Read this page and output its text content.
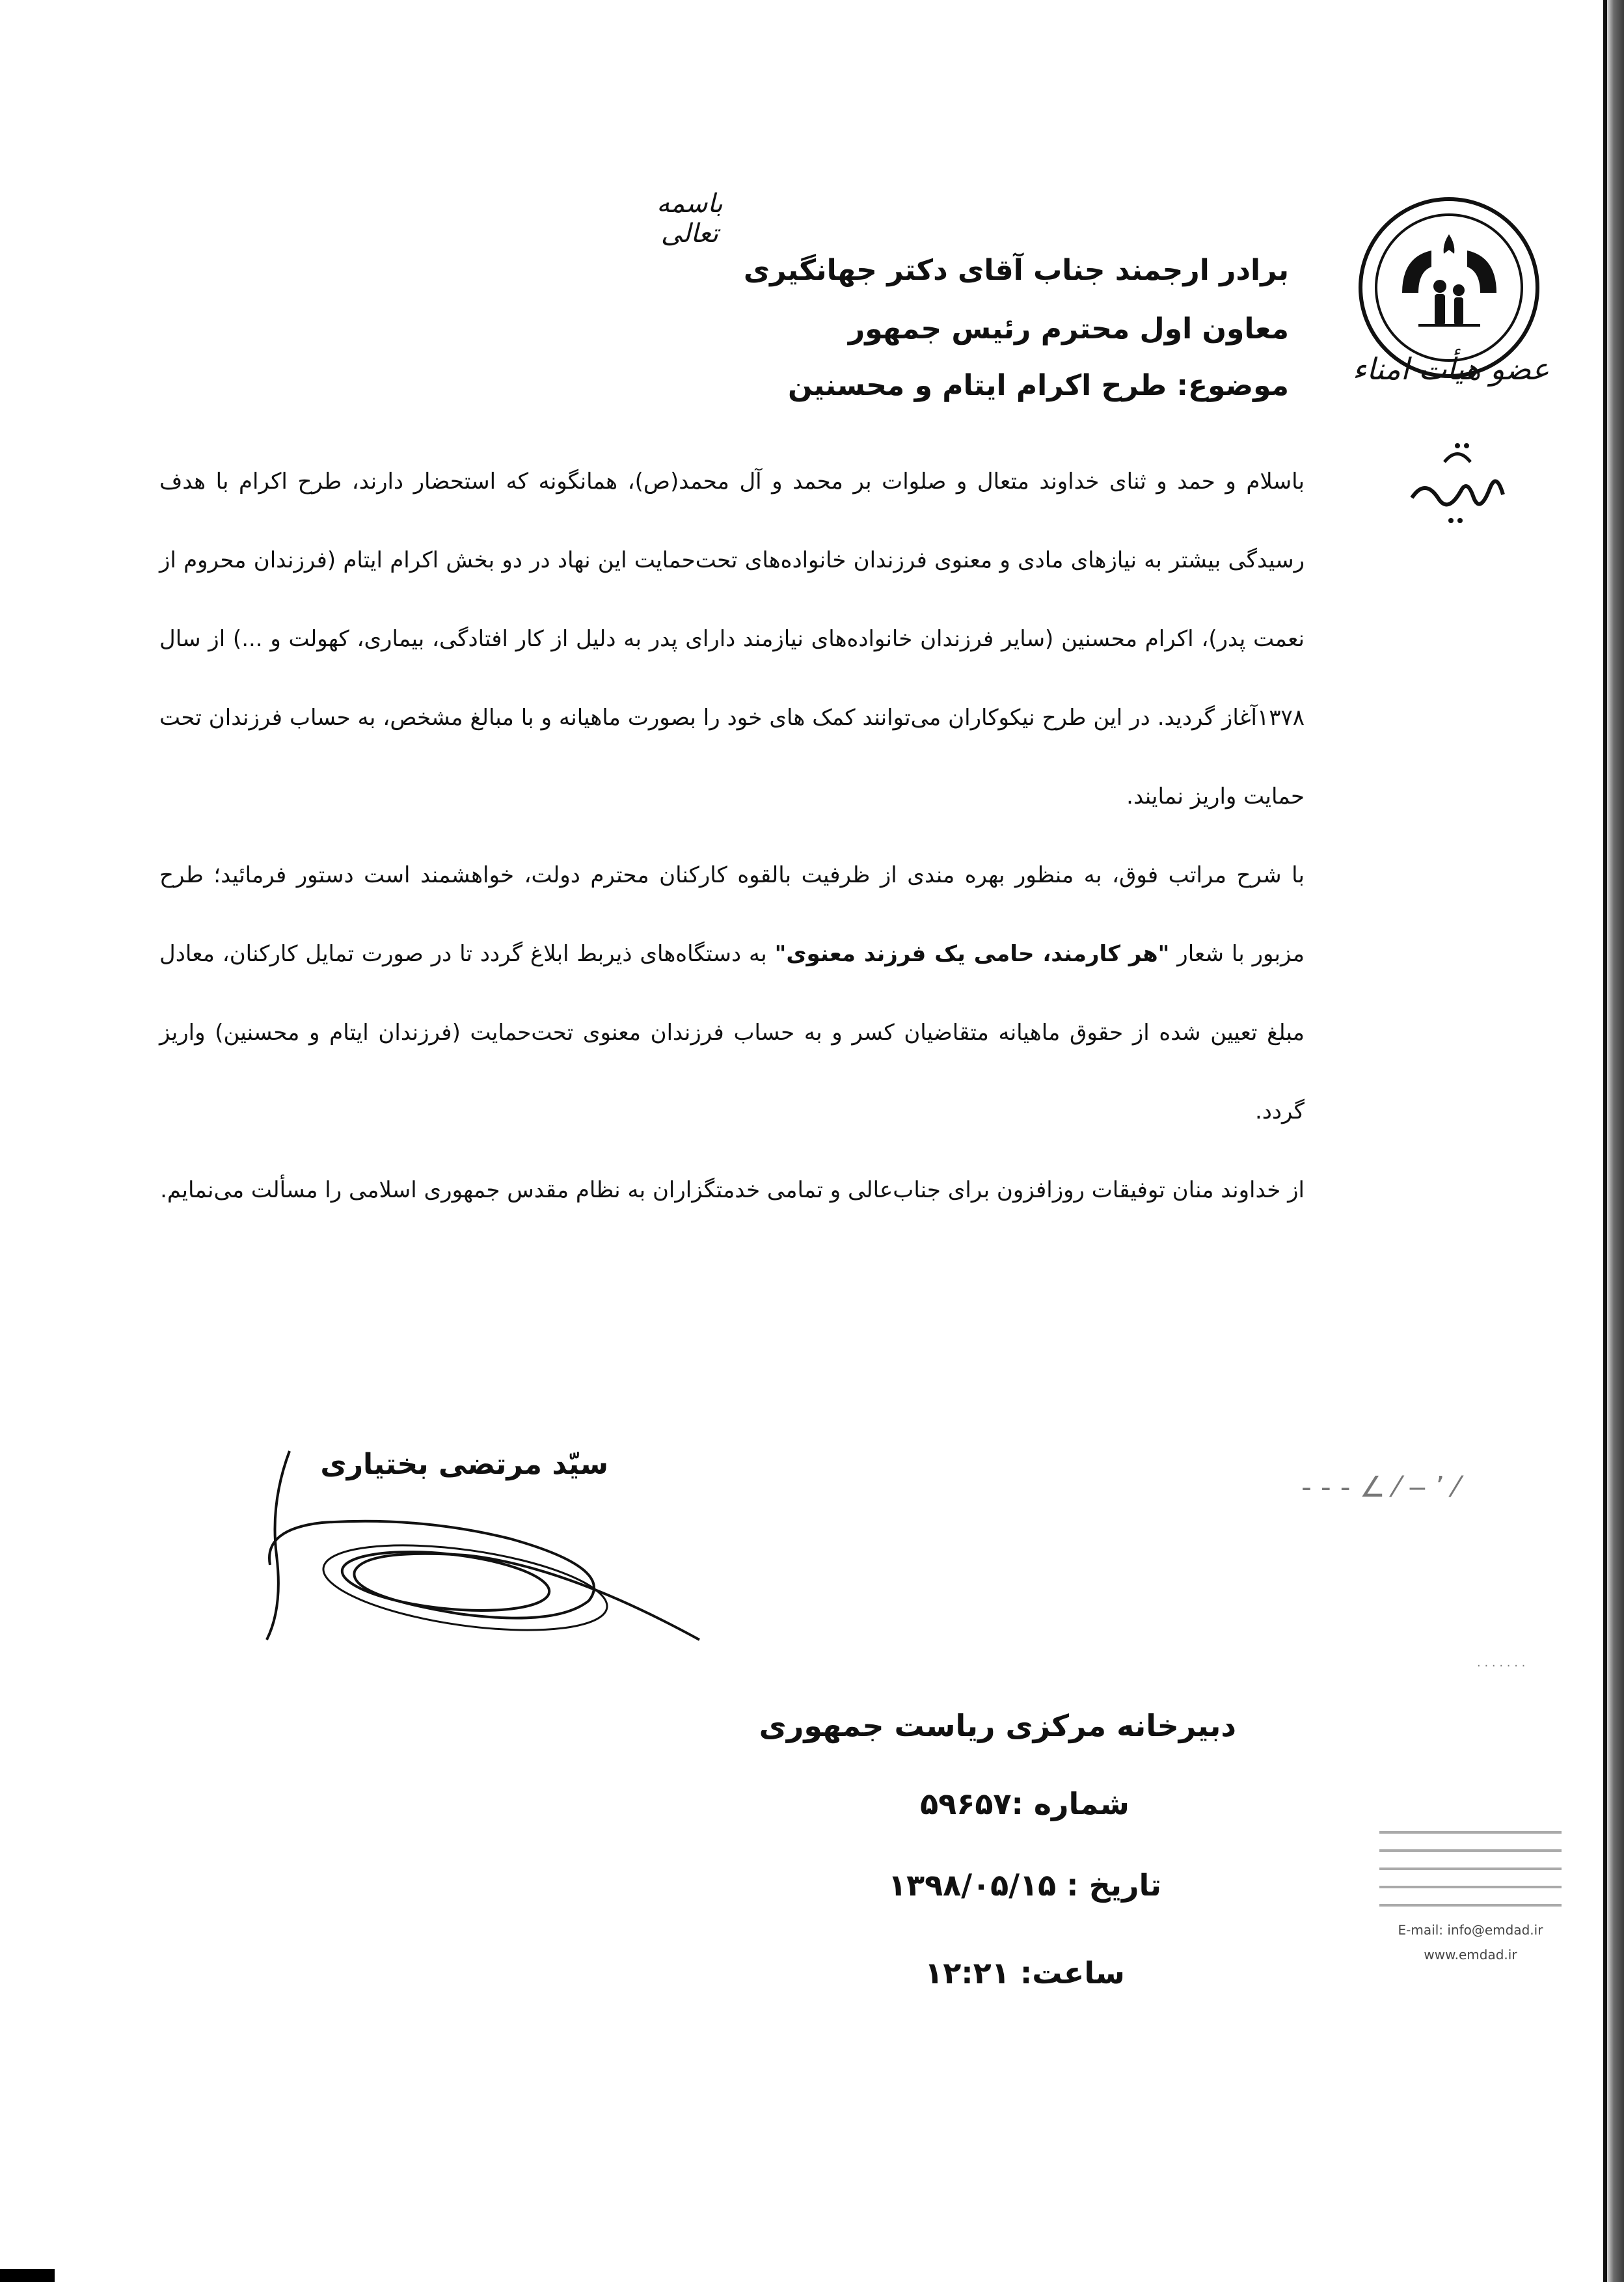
عضو هیأت امناء
باسمه تعالی
برادر ارجمند جناب آقای دکتر جهانگیری
معاون اول محترم رئیس جمهور
موضوع: طرح اکرام ایتام و محسنین

باسلام و حمد و ثنای خداوند متعال و صلوات بر محمد و آل محمد(ص)، همانگونه که استحضار دارند، طرح اکرام با هدف رسیدگی بیشتر به نیازهای مادی و معنوی فرزندان خانواده‌های تحت‌حمایت این نهاد در دو بخش اکرام ایتام (فرزندان محروم از نعمت پدر)، اکرام محسنین (سایر فرزندان خانواده‌های نیازمند دارای پدر به دلیل از کار افتادگی، بیماری، کهولت و ...) از سال ۱۳۷۸آغاز گردید. در این طرح نیکوکاران می‌توانند کمک های خود را بصورت ماهیانه و با مبالغ مشخص، به حساب فرزندان تحت حمایت واریز نمایند.

با شرح مراتب فوق، به منظور بهره مندی از ظرفیت بالقوه کارکنان محترم دولت، خواهشمند است دستور فرمائید؛ طرح مزبور با شعار "هر کارمند، حامی یک فرزند معنوی" به دستگاه‌های ذیربط ابلاغ گردد تا در صورت تمایل کارکنان، معادل مبلغ تعیین شده از حقوق ماهیانه متقاضیان کسر و به حساب فرزندان معنوی تحت‌حمایت (فرزندان ایتام و محسنین) واریز گردد.

از خداوند منان توفیقات روزافزون برای جناب‌عالی و تمامی خدمتگزاران به نظام مقدس جمهوری اسلامی را مسألت می‌نمایم.

سیّد مرتضی بختیاری
- - - ∠ ⁄ ‒ ’ ⁄
· · · · · · ·
دبیرخانه مرکزی ریاست جمهوری
شماره :۵۹۶۵۷
تاریخ : ۱۳۹۸/۰۵/۱۵
ساعت: ۱۲:۲۱
E-mail: info@emdad.ir
www.emdad.ir
